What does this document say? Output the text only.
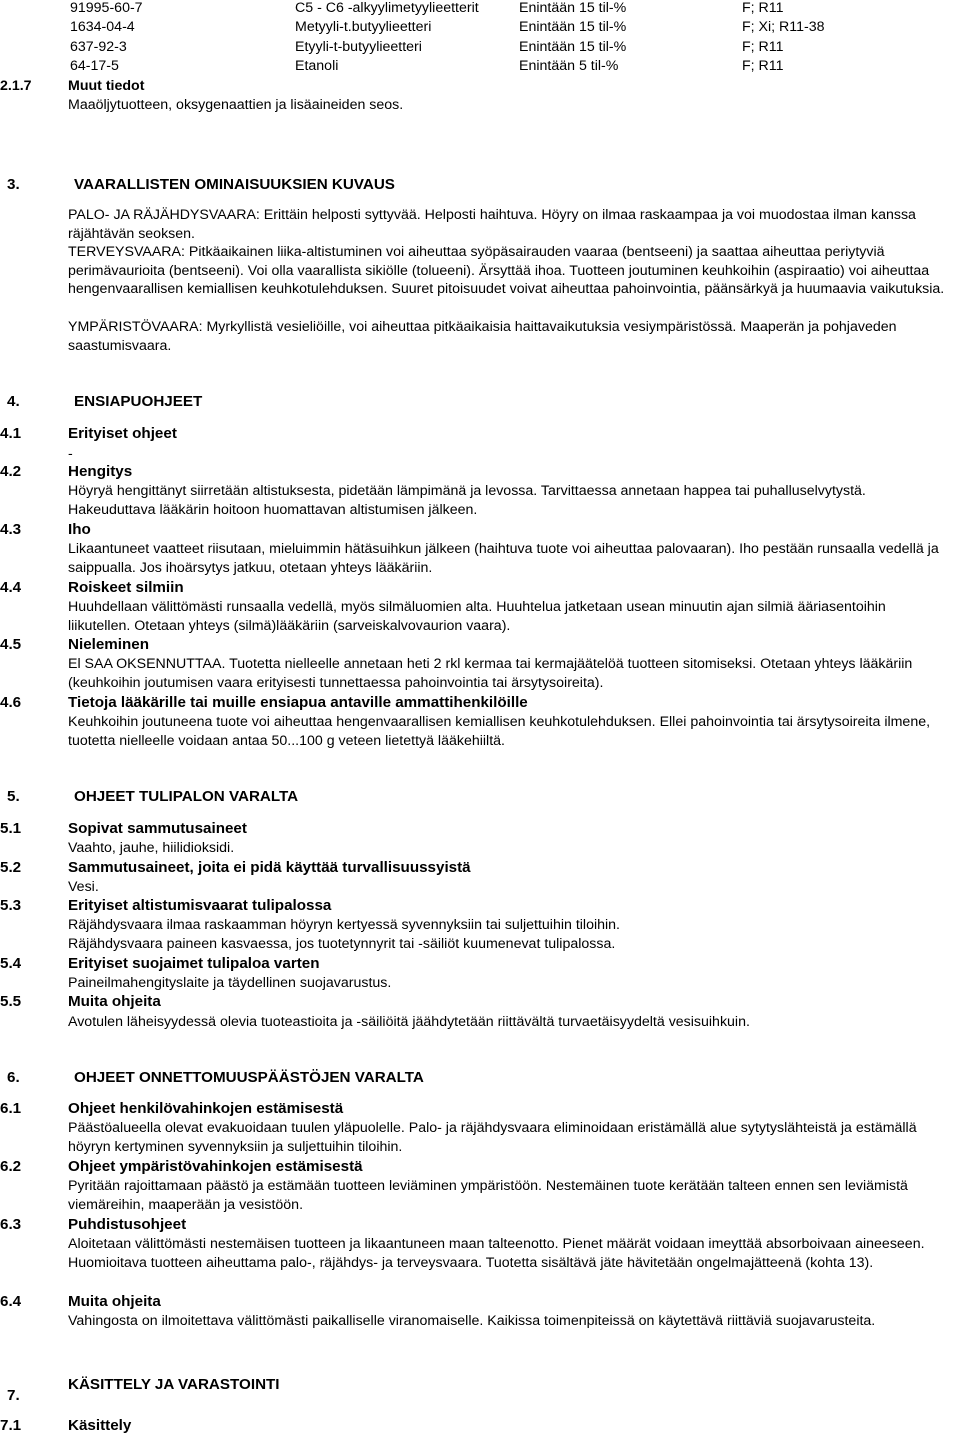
91995-60-7	C5 - C6 -alkyylimetyylieetterit	Enintään 15 til-%	F; R11
1634-04-4	Metyyli-t.butyylieetteri	Enintään 15 til-%	F; Xi; R11-38
637-92-3	Etyyli-t-butyylieetteri	Enintään 15 til-%	F; R11
64-17-5	Etanoli	Enintään 5 til-%	F; R11
2.1.7	Muut tiedot
Maaöljytuotteen, oksygenaattien ja lisäaineiden seos.
3.	VAARALLISTEN OMINAISUUKSIEN KUVAUS
PALO- JA RÄJÄHDYSVAARA: Erittäin helposti syttyvää. Helposti haihtuva. Höyry on ilmaa raskaampaa ja voi muodostaa ilman kanssa räjähtävän seoksen.
TERVEYSVAARA: Pitkäaikainen liika-altistuminen voi aiheuttaa syöpäsairauden vaaraa (bentseeni) ja saattaa aiheuttaa periytyviä perimävaurioita (bentseeni). Voi olla vaarallista sikiölle (tolueeni). Ärsyttää ihoa. Tuotteen joutuminen keuhkoihin (aspiraatio) voi aiheuttaa hengenvaarallisen kemiallisen keuhkotulehduksen. Suuret pitoisuudet voivat aiheuttaa pahoinvointia, päänsärkyä ja huumaavia vaikutuksia.
YMPÄRISTÖVAARA: Myrkyllistä vesieliöille, voi aiheuttaa pitkäaikaisia haittavaikutuksia vesiympäristössä. Maaperän ja pohjaveden saastumisvaara.
4.	ENSIAPUOHJEET
4.1	Erityiset ohjeet
-
4.2	Hengitys
Höyryä hengittänyt siirretään altistuksesta, pidetään lämpimänä ja levossa. Tarvittaessa annetaan happea tai puhalluselvytystä. Hakeuduttava lääkärin hoitoon huomattavan altistumisen jälkeen.
4.3	Iho
Likaantuneet vaatteet riisutaan, mieluimmin hätäsuihkun jälkeen (haihtuva tuote voi aiheuttaa palovaaran). Iho pestään runsaalla vedellä ja saippualla. Jos ihoärsytys jatkuu, otetaan yhteys lääkäriin.
4.4	Roiskeet silmiin
Huuhdellaan välittömästi runsaalla vedellä, myös silmäluomien alta. Huuhtelua jatketaan usean minuutin ajan silmiä ääriasentoihin liikutellen. Otetaan yhteys (silmä)lääkäriin (sarveiskalvovaurion vaara).
4.5	Nieleminen
El SAA OKSENNUTTAA. Tuotetta nielleelle annetaan heti 2 rkl kermaa tai kermajäätelöä tuotteen sitomiseksi. Otetaan yhteys lääkäriin (keuhkoihin joutumisen vaara erityisesti tunnettaessa pahoinvointia tai ärsytysoireita).
4.6	Tietoja lääkärille tai muille ensiapua antaville ammattihenkilöille
Keuhkoihin joutuneena tuote voi aiheuttaa hengenvaarallisen kemiallisen keuhkotulehduksen. Ellei pahoinvointia tai ärsytysoireita ilmene, tuotetta nielleelle voidaan antaa 50...100 g veteen lietettyä lääkehiiltä.
5.	OHJEET TULIPALON VARALTA
5.1	Sopivat sammutusaineet
Vaahto, jauhe, hiilidioksidi.
5.2	Sammutusaineet, joita ei pidä käyttää turvallisuussyistä
Vesi.
5.3	Erityiset altistumisvaarat tulipalossa
Räjähdysvaara ilmaa raskaamman höyryn kertyessä syvennyksiin tai suljettuihin tiloihin.
Räjähdysvaara paineen kasvaessa, jos tuotetynnyrit tai -säiliöt kuumenevat tulipalossa.
5.4	Erityiset suojaimet tulipaloa varten
Paineilmahengityslaite ja täydellinen suojavarustus.
5.5	Muita ohjeita
Avotulen läheisyydessä olevia tuoteastioita ja -säiliöitä jäähdytetään riittävältä turvaetäisyydeltä vesisuihkuin.
6.	OHJEET ONNETTOMUUSPÄÄSTÖJEN VARALTA
6.1	Ohjeet henkilövahinkojen estämisestä
Päästöalueella olevat evakuoidaan tuulen yläpuolelle. Palo- ja räjähdysvaara eliminoidaan eristämällä alue sytytyslähteistä ja estämällä höyryn kertyminen syvennyksiin ja suljettuihin tiloihin.
6.2	Ohjeet ympäristövahinkojen estämisestä
Pyritään rajoittamaan päästö ja estämään tuotteen leviäminen ympäristöön. Nestemäinen tuote kerätään talteen ennen sen leviämistä viemäreihin, maaperään ja vesistöön.
6.3	Puhdistusohjeet
Aloitetaan välittömästi nestemäisen tuotteen ja likaantuneen maan talteenotto. Pienet määrät voidaan imeyttää absorboivaan aineeseen. Huomioitava tuotteen aiheuttama palo-, räjähdys- ja terveysvaara. Tuotetta sisältävä jäte hävitetään ongelmajätteenä (kohta 13).
6.4	Muita ohjeita
Vahingosta on ilmoitettava välittömästi paikalliselle viranomaiselle. Kaikissa toimenpiteissä on käytettävä riittäviä suojavarusteita.
7.
KÄSITTELY JA VARASTOINTI
7.1	Käsittely
